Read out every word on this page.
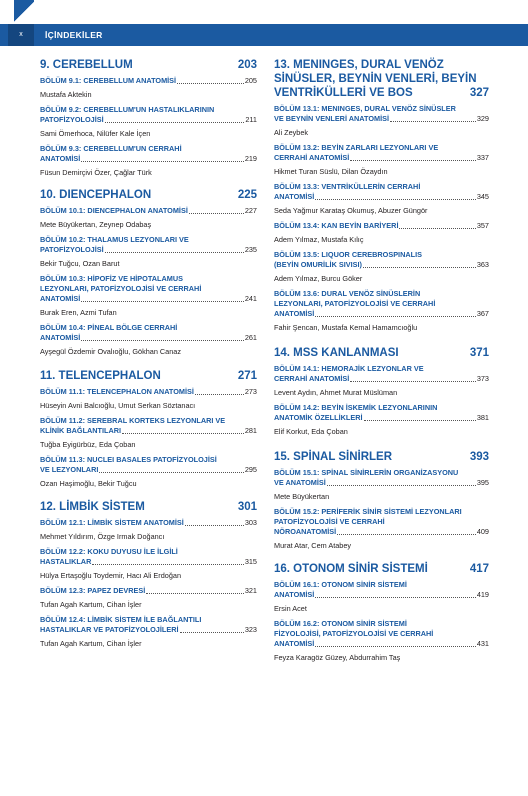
x	İÇİNDEKİLER
9. CEREBELLUM	203
BÖLÜM 9.1: CEREBELLUM ANATOMİSİ	205
Mustafa Aktekin
BÖLÜM 9.2: CEREBELLUM'UN HASTALIKLARININ
PATOFİZYOLOJİSİ	211
Sami Ömerhoca, Nilüfer Kale İçen
BÖLÜM 9.3: CEREBELLUM'UN CERRAHİ
ANATOMİSİ	219
Füsun Demirçivi Özer, Çağlar Türk
10. DIENCEPHALON	225
BÖLÜM 10.1: DIENCEPHALON ANATOMİSİ	227
Mete Büyükertan, Zeynep Odabaş
BÖLÜM 10.2: THALAMUS LEZYONLARI VE
PATOFİZYOLOJİSİ	235
Bekir Tuğcu, Ozan Barut
BÖLÜM 10.3: HİPOFİZ VE HİPOTALAMUS
LEZYONLARI, PATOFİZYOLOJİSİ VE CERRAHİ
ANATOMİSİ	241
Burak Eren, Azmi Tufan
BÖLÜM 10.4: PİNEAL BÖLGE CERRAHİ
ANATOMİSİ	261
Ayşegül Özdemir Ovalıoğlu, Gökhan Canaz
11. TELENCEPHALON	271
BÖLÜM 11.1: TELENCEPHALON ANATOMİSİ	273
Hüseyin Avni Balcıoğlu, Umut Serkan Söztanacı
BÖLÜM 11.2: SEREBRAL KORTEKS LEZYONLARI VE
KLİNİK BAĞLANTILARI	281
Tuğba Eyigürbüz, Eda Çoban
BÖLÜM 11.3: NUCLEI BASALES PATOFİZYOLOJİSİ
VE LEZYONLARI	295
Ozan Haşimoğlu, Bekir Tuğcu
12. LİMBİK SİSTEM	301
BÖLÜM 12.1: LİMBİK SİSTEM ANATOMİSİ	303
Mehmet Yıldırım, Özge Irmak Doğancı
BÖLÜM 12.2: KOKU DUYUSU İLE İLGİLİ
HASTALIKLAR	315
Hülya Ertaşoğlu Toydemir, Hacı Ali Erdoğan
BÖLÜM 12.3: PAPEZ DEVRESİ	321
Tufan Agah Kartum, Cihan İşler
BÖLÜM 12.4: LİMBİK SİSTEM İLE BAĞLANTILI
HASTALIKLAR VE PATOFİZYOLOJİLERİ	323
Tufan Agah Kartum, Cihan İşler
13. MENINGES, DURAL VENÖZ
SİNÜSLER, BEYNİN VENLERİ, BEYİN
VENTRİKÜLLERİ VE BOS	327
BÖLÜM 13.1: MENINGES, DURAL VENÖZ SİNÜSLER
VE BEYNİN VENLERİ ANATOMİSİ	329
Ali Zeybek
BÖLÜM 13.2: BEYİN ZARLARI LEZYONLARI VE
CERRAHİ ANATOMİSİ	337
Hikmet Turan Süslü, Dilan Özaydın
BÖLÜM 13.3: VENTRİKÜLLERİN CERRAHİ
ANATOMİSİ	345
Seda Yağmur Karataş Okumuş, Abuzer Güngör
BÖLÜM 13.4: KAN BEYİN BARİYERİ	357
Adem Yılmaz, Mustafa Kılıç
BÖLÜM 13.5: LIQUOR CEREBROSPINALIS
(BEYİN OMURİLİK SIVISI)	363
Adem Yılmaz, Burcu Göker
BÖLÜM 13.6: DURAL VENÖZ SİNÜSLERİN
LEZYONLARI, PATOFİZYOLOJİSİ VE CERRAHİ
ANATOMİSİ	367
Fahir Şencan, Mustafa Kemal Hamamcıoğlu
14. MSS KANLANMASI	371
BÖLÜM 14.1: HEMORAJİK LEZYONLAR VE
CERRAHİ ANATOMİSİ	373
Levent Aydın, Ahmet Murat Müslüman
BÖLÜM 14.2: BEYİN İSKEMİK LEZYONLARININ
ANATOMİK ÖZELLİKLERİ	381
Elif Korkut, Eda Çoban
15. SPİNAL SİNİRLER	393
BÖLÜM 15.1: SPİNAL SİNİRLERİN ORGANİZASYONU
VE ANATOMİSİ	395
Mete Büyükertan
BÖLÜM 15.2: PERİFERİK SİNİR SİSTEMİ LEZYONLARI
PATOFİZYOLOJİSİ VE CERRAHİ
NÖROANATOMİSİ	409
Murat Atar, Cem Atabey
16. OTONOM SİNİR SİSTEMİ	417
BÖLÜM 16.1: OTONOM SİNİR SİSTEMİ
ANATOMİSİ	419
Ersin Acet
BÖLÜM 16.2: OTONOM SİNİR SİSTEMİ
FİZYOLOJİSİ, PATOFİZYOLOJİSİ VE CERRAHİ
ANATOMİSİ	431
Feyza Karagöz Güzey, Abdurrahim Taş
